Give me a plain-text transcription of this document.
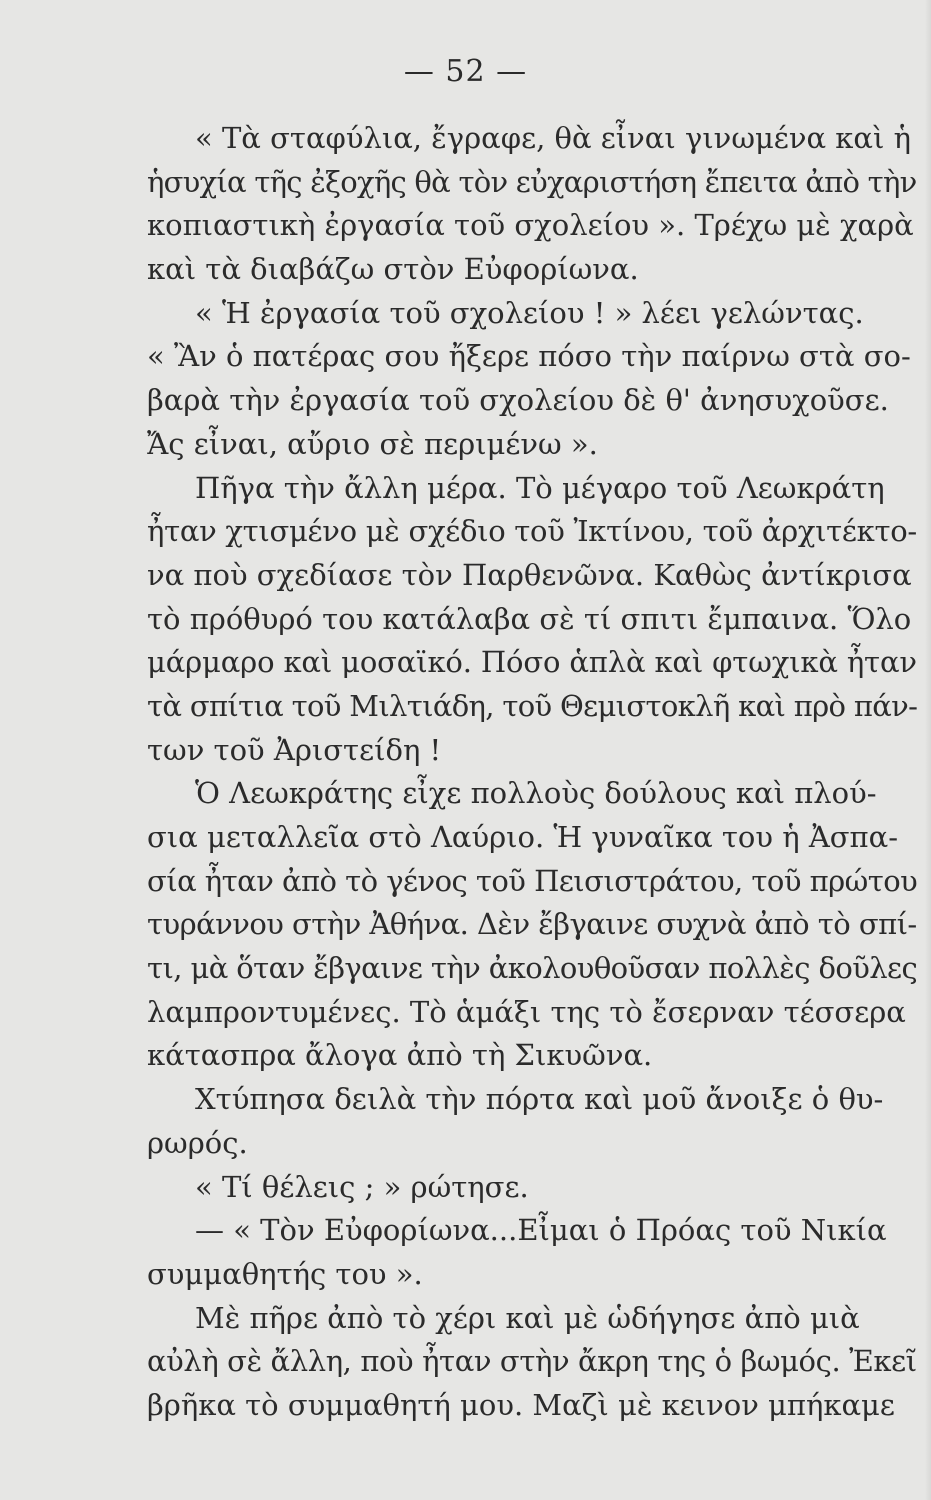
— 52 —
« Τὰ σταφύλια, ἔγραφε, θὰ εἶναι γινωμένα καὶ ἡ
ἡσυχία τῆς ἐξοχῆς θὰ τὸν εὐχαριστήση ἔπειτα ἀπὸ τὴν
κοπιαστικὴ ἐργασία τοῦ σχολείου ». Τρέχω μὲ χαρὰ
καὶ τὰ διαβάζω στὸν Εὐφορίωνα.
« Ἡ ἐργασία τοῦ σχολείου ! » λέει γελώντας.
« Ἂν ὁ πατέρας σου ἤξερε πόσο τὴν παίρνω στὰ σο-
βαρὰ τὴν ἐργασία τοῦ σχολείου δὲ θ' ἀνησυχοῦσε.
Ἄς εἶναι, αὔριο σὲ περιμένω ».
Πῆγα τὴν ἄλλη μέρα. Τὸ μέγαρο τοῦ Λεωκράτη
ἦταν χτισμένο μὲ σχέδιο τοῦ Ἰκτίνου, τοῦ ἀρχιτέκτο-
να ποὺ σχεδίασε τὸν Παρθενῶνα. Καθὼς ἀντίκρισα
τὸ πρόθυρό του κατάλαβα σὲ τί σπιτι ἔμπαινα. Ὅλο
μάρμαρο καὶ μοσαϊκό. Πόσο ἁπλὰ καὶ φτωχικὰ ἦταν
τὰ σπίτια τοῦ Μιλτιάδη, τοῦ Θεμιστοκλῆ καὶ πρὸ πάν-
των τοῦ Ἀριστείδη !
Ὁ Λεωκράτης εἶχε πολλοὺς δούλους καὶ πλού-
σια μεταλλεῖα στὸ Λαύριο. Ἡ γυναῖκα του ἡ Ἀσπα-
σία ἦταν ἀπὸ τὸ γένος τοῦ Πεισιστράτου, τοῦ πρώτου
τυράννου στὴν Ἀθήνα. Δὲν ἔβγαινε συχνὰ ἀπὸ τὸ σπί-
τι, μὰ ὅταν ἔβγαινε τὴν ἀκολουθοῦσαν πολλὲς δοῦλες
λαμπροντυμένες. Τὸ ἁμάξι της τὸ ἔσερναν τέσσερα
κάτασπρα ἄλογα ἀπὸ τὴ Σικυῶνα.
Χτύπησα δειλὰ τὴν πόρτα καὶ μοῦ ἄνοιξε ὁ θυ-
ρωρός.
« Τί θέλεις ; » ρώτησε.
— « Τὸν Εὐφορίωνα...Εἶμαι ὁ Πρόας τοῦ Νικία
συμμαθητής του ».
Μὲ πῆρε ἀπὸ τὸ χέρι καὶ μὲ ὡδήγησε ἀπὸ μιὰ
αὐλὴ σὲ ἄλλη, ποὺ ἦταν στὴν ἄκρη της ὁ βωμός. Ἐκεῖ
βρῆκα τὸ συμμαθητή μου. Μαζὶ μὲ κεινον μπήκαμε
